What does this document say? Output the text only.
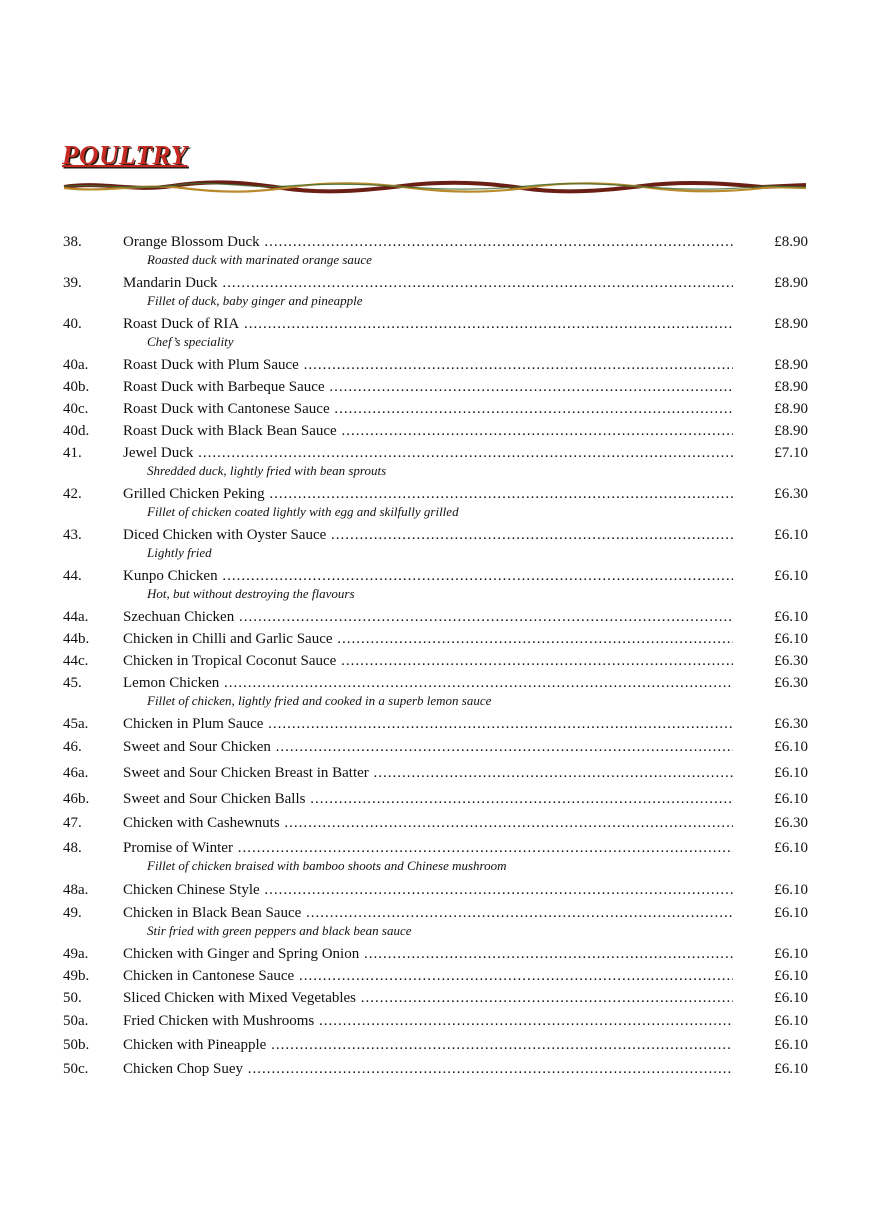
POULTRY
38.	Orange Blossom Duck .....	£8.90
Roasted duck with marinated orange sauce
39.	Mandarin Duck .....	£8.90
Fillet of duck, baby ginger and pineapple
40.	Roast Duck of RIA .....	£8.90
Chef’s speciality
40a. Roast Duck with Plum Sauce .....	£8.90
40b. Roast Duck with Barbeque Sauce .....	£8.90
40c. Roast Duck with Cantonese Sauce .....	£8.90
40d. Roast Duck with Black Bean Sauce .....	£8.90
41.	Jewel Duck .....	£7.10
Shredded duck, lightly fried with bean sprouts
42.	Grilled Chicken Peking .....	£6.30
Fillet of chicken coated lightly with egg and skilfully grilled
43.	Diced Chicken with Oyster Sauce .....	£6.10
Lightly fried
44.	Kunpo Chicken .....	£6.10
Hot, but without destroying the flavours
44a. Szechuan Chicken .....	£6.10
44b. Chicken in Chilli and Garlic Sauce .....	£6.10
44c. Chicken in Tropical Coconut Sauce .....	£6.30
45.	Lemon Chicken .....	£6.30
Fillet of chicken, lightly fried and cooked in a superb lemon sauce
45a. Chicken in Plum Sauce .....	£6.30
46.	Sweet and Sour Chicken .....	£6.10
46a. Sweet and Sour Chicken Breast in Batter .....	£6.10
46b. Sweet and Sour Chicken Balls .....	£6.10
47.	Chicken with Cashewnuts .....	£6.30
48.	Promise of Winter .....	£6.10
Fillet of chicken braised with bamboo shoots and Chinese mushroom
48a. Chicken Chinese Style .....	£6.10
49.	Chicken in Black Bean Sauce .....	£6.10
Stir fried with green peppers and black bean sauce
49a. Chicken with Ginger and Spring Onion .....	£6.10
49b. Chicken in Cantonese Sauce .....	£6.10
50.	Sliced Chicken with Mixed Vegetables .....	£6.10
50a. Fried Chicken with Mushrooms .....	£6.10
50b. Chicken with Pineapple .....	£6.10
50c. Chicken Chop Suey .....	£6.10
